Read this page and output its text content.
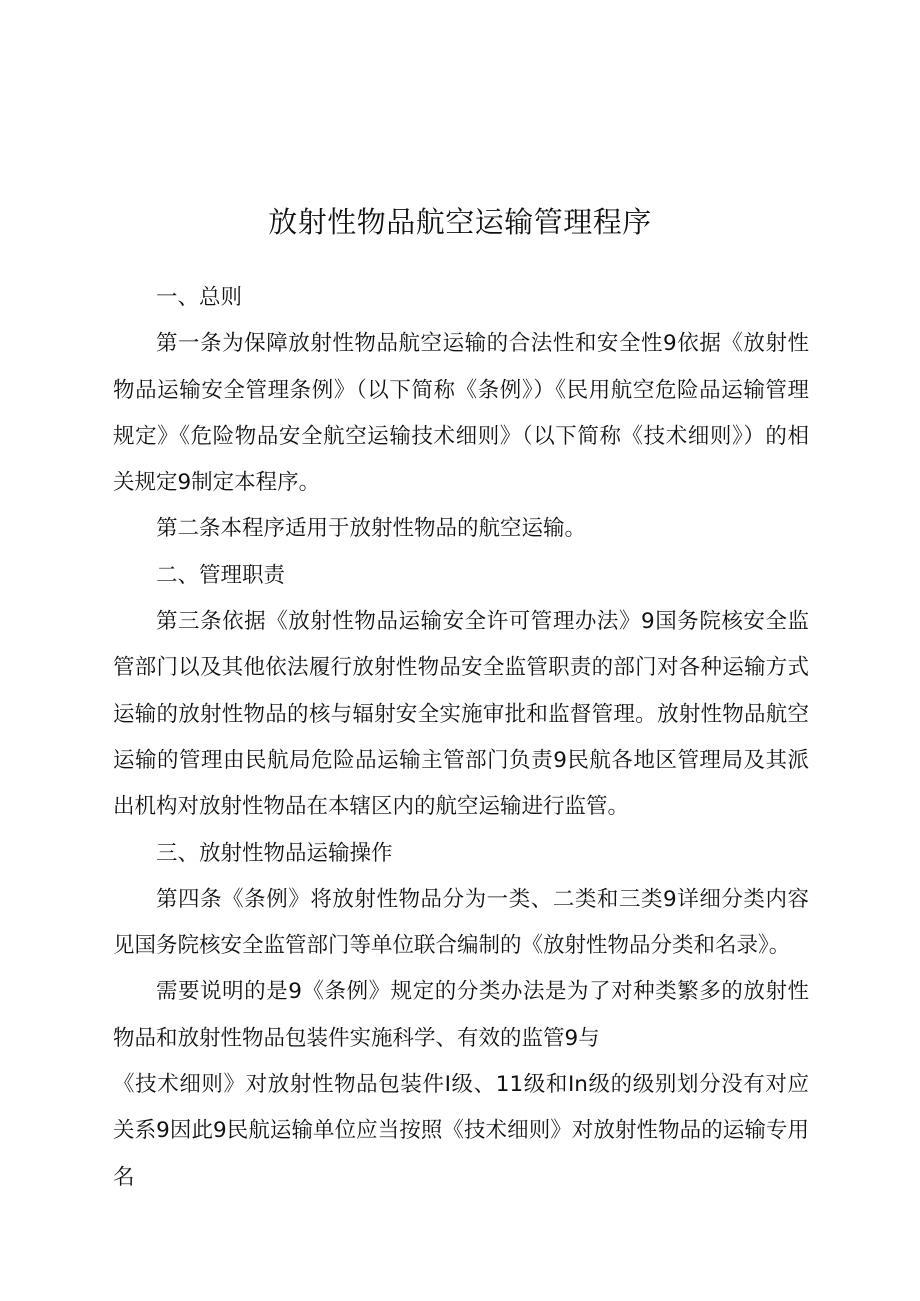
放射性物品航空运输管理程序

一、总则

第一条为保障放射性物品航空运输的合法性和安全性9依据《放射性物品运输安全管理条例》（以下简称《条例》）《民用航空危险品运输管理规定》《危险物品安全航空运输技术细则》（以下简称《技术细则》）的相关规定9制定本程序。

第二条本程序适用于放射性物品的航空运输。

二、管理职责

第三条依据《放射性物品运输安全许可管理办法》9国务院核安全监管部门以及其他依法履行放射性物品安全监管职责的部门对各种运输方式运输的放射性物品的核与辐射安全实施审批和监督管理。放射性物品航空运输的管理由民航局危险品运输主管部门负责9民航各地区管理局及其派出机构对放射性物品在本辖区内的航空运输进行监管。

三、放射性物品运输操作

第四条《条例》将放射性物品分为一类、二类和三类9详细分类内容见国务院核安全监管部门等单位联合编制的《放射性物品分类和名录》。

需要说明的是9《条例》规定的分类办法是为了对种类繁多的放射性物品和放射性物品包装件实施科学、有效的监管9与

《技术细则》对放射性物品包装件I级、11级和In级的级别划分没有对应关系9因此9民航运输单位应当按照《技术细则》对放射性物品的运输专用名
